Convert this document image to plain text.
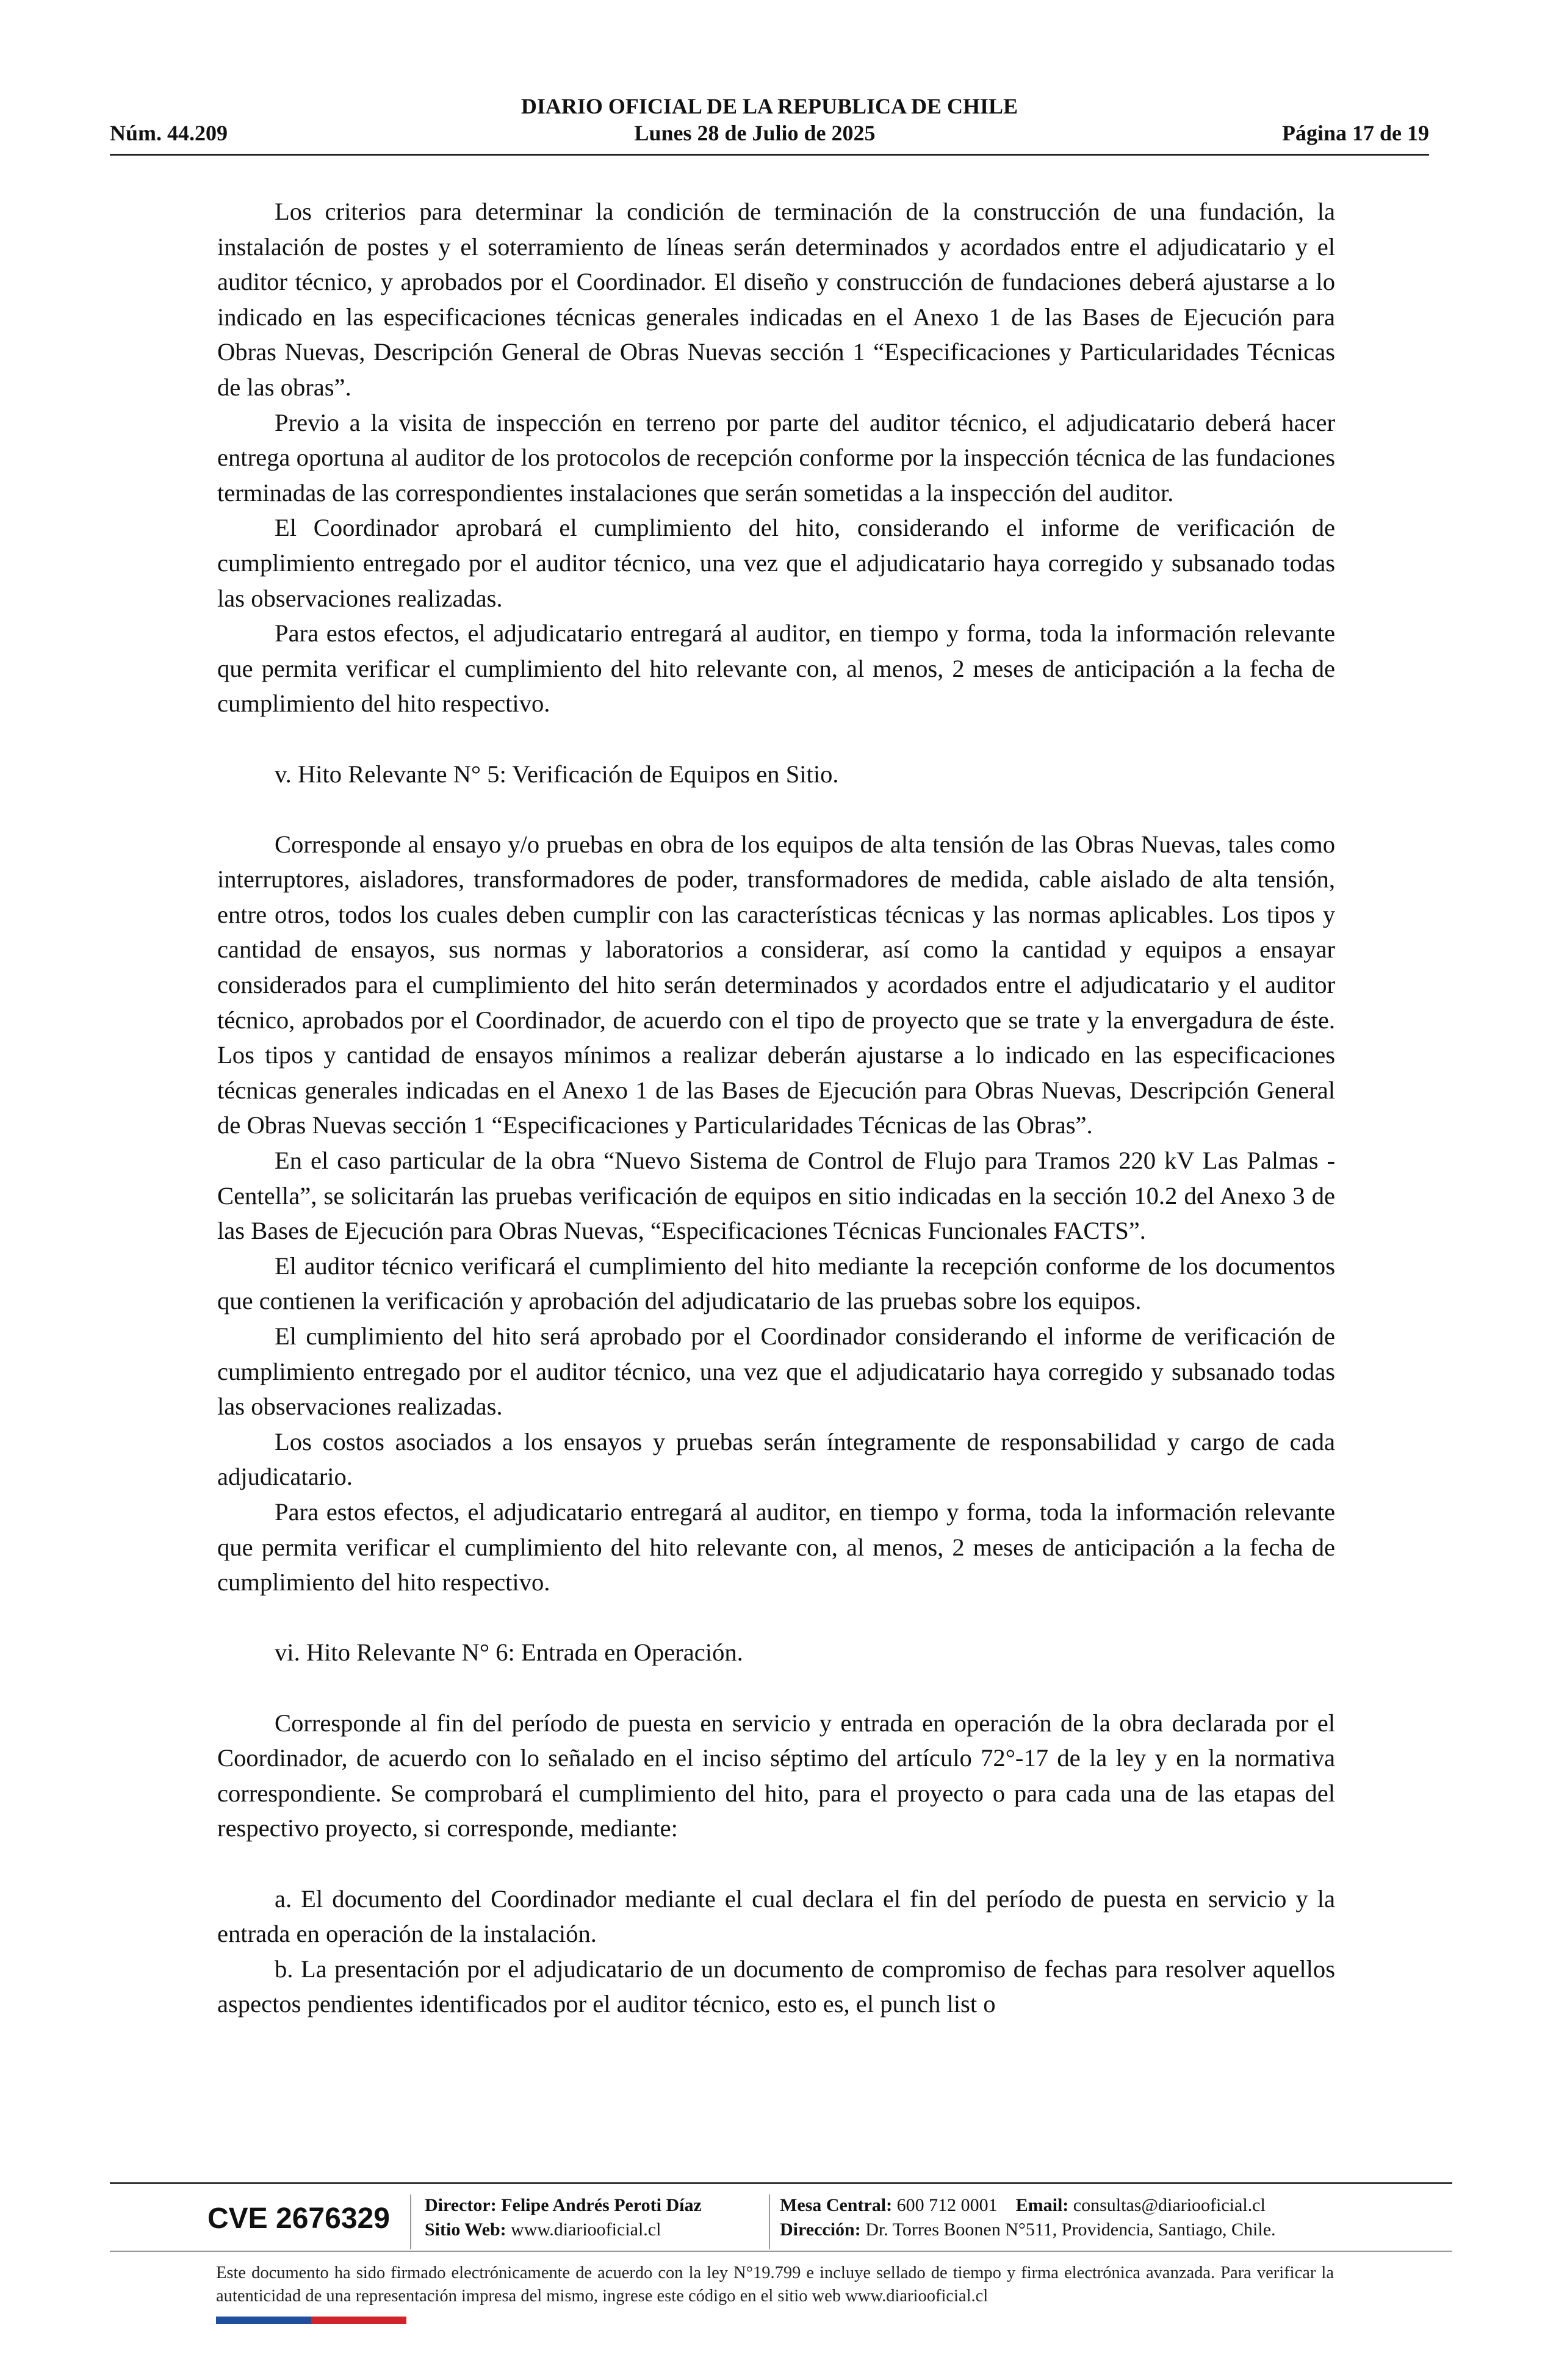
DIARIO OFICIAL DE LA REPUBLICA DE CHILE
Núm. 44.209	Lunes 28 de Julio de 2025	Página 17 de 19

Los criterios para determinar la condición de terminación de la construcción de una fundación, la instalación de postes y el soterramiento de líneas serán determinados y acordados entre el adjudicatario y el auditor técnico, y aprobados por el Coordinador. El diseño y construcción de fundaciones deberá ajustarse a lo indicado en las especificaciones técnicas generales indicadas en el Anexo 1 de las Bases de Ejecución para Obras Nuevas, Descripción General de Obras Nuevas sección 1 “Especificaciones y Particularidades Técnicas de las obras”.

Previo a la visita de inspección en terreno por parte del auditor técnico, el adjudicatario deberá hacer entrega oportuna al auditor de los protocolos de recepción conforme por la inspección técnica de las fundaciones terminadas de las correspondientes instalaciones que serán sometidas a la inspección del auditor.

El Coordinador aprobará el cumplimiento del hito, considerando el informe de verificación de cumplimiento entregado por el auditor técnico, una vez que el adjudicatario haya corregido y subsanado todas las observaciones realizadas.

Para estos efectos, el adjudicatario entregará al auditor, en tiempo y forma, toda la información relevante que permita verificar el cumplimiento del hito relevante con, al menos, 2 meses de anticipación a la fecha de cumplimiento del hito respectivo.

v. Hito Relevante N° 5: Verificación de Equipos en Sitio.

Corresponde al ensayo y/o pruebas en obra de los equipos de alta tensión de las Obras Nuevas, tales como interruptores, aisladores, transformadores de poder, transformadores de medida, cable aislado de alta tensión, entre otros, todos los cuales deben cumplir con las características técnicas y las normas aplicables. Los tipos y cantidad de ensayos, sus normas y laboratorios a considerar, así como la cantidad y equipos a ensayar considerados para el cumplimiento del hito serán determinados y acordados entre el adjudicatario y el auditor técnico, aprobados por el Coordinador, de acuerdo con el tipo de proyecto que se trate y la envergadura de éste. Los tipos y cantidad de ensayos mínimos a realizar deberán ajustarse a lo indicado en las especificaciones técnicas generales indicadas en el Anexo 1 de las Bases de Ejecución para Obras Nuevas, Descripción General de Obras Nuevas sección 1 “Especificaciones y Particularidades Técnicas de las Obras”.

En el caso particular de la obra “Nuevo Sistema de Control de Flujo para Tramos 220 kV Las Palmas - Centella”, se solicitarán las pruebas verificación de equipos en sitio indicadas en la sección 10.2 del Anexo 3 de las Bases de Ejecución para Obras Nuevas, “Especificaciones Técnicas Funcionales FACTS”.

El auditor técnico verificará el cumplimiento del hito mediante la recepción conforme de los documentos que contienen la verificación y aprobación del adjudicatario de las pruebas sobre los equipos.

El cumplimiento del hito será aprobado por el Coordinador considerando el informe de verificación de cumplimiento entregado por el auditor técnico, una vez que el adjudicatario haya corregido y subsanado todas las observaciones realizadas.

Los costos asociados a los ensayos y pruebas serán íntegramente de responsabilidad y cargo de cada adjudicatario.

Para estos efectos, el adjudicatario entregará al auditor, en tiempo y forma, toda la información relevante que permita verificar el cumplimiento del hito relevante con, al menos, 2 meses de anticipación a la fecha de cumplimiento del hito respectivo.

vi. Hito Relevante N° 6: Entrada en Operación.

Corresponde al fin del período de puesta en servicio y entrada en operación de la obra declarada por el Coordinador, de acuerdo con lo señalado en el inciso séptimo del artículo 72°-17 de la ley y en la normativa correspondiente. Se comprobará el cumplimiento del hito, para el proyecto o para cada una de las etapas del respectivo proyecto, si corresponde, mediante:

a. El documento del Coordinador mediante el cual declara el fin del período de puesta en servicio y la entrada en operación de la instalación.

b. La presentación por el adjudicatario de un documento de compromiso de fechas para resolver aquellos aspectos pendientes identificados por el auditor técnico, esto es, el punch list o

CVE 2676329 Director: Felipe Andrés Peroti Díaz
Sitio Web: www.diariooficial.cl
Mesa Central: 600 712 0001 Email: consultas@diariooficial.cl
Dirección: Dr. Torres Boonen N°511, Providencia, Santiago, Chile.
Este documento ha sido firmado electrónicamente de acuerdo con la ley N°19.799 e incluye sellado de tiempo y firma electrónica avanzada. Para verificar la autenticidad de una representación impresa del mismo, ingrese este código en el sitio web www.diariooficial.cl
